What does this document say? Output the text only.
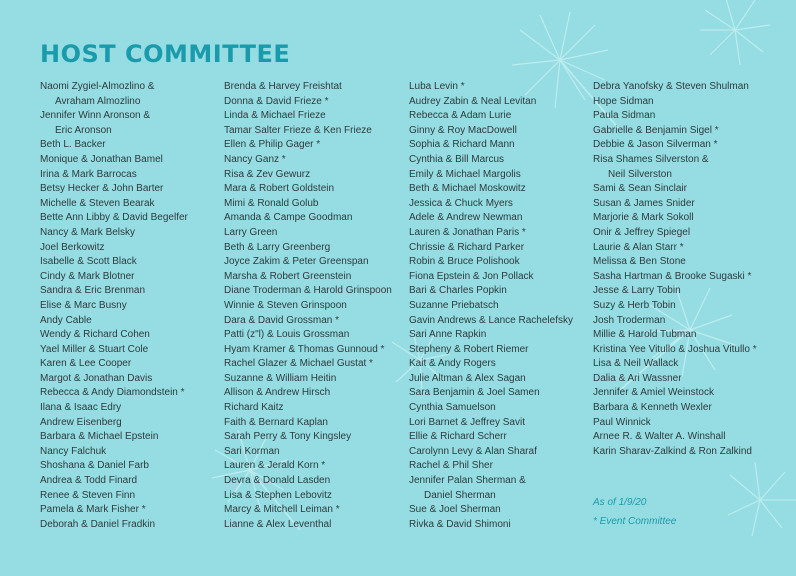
HOST COMMITTEE
Naomi Zygiel-Almozlino &
Avraham Almozlino
Jennifer Winn Aronson &
Eric Aronson
Beth L. Backer
Monique & Jonathan Bamel
Irina & Mark Barrocas
Betsy Hecker & John Barter
Michelle & Steven Bearak
Bette Ann Libby & David Begelfer
Nancy & Mark Belsky
Joel Berkowitz
Isabelle & Scott Black
Cindy & Mark Blotner
Sandra & Eric Brenman
Elise & Marc Busny
Andy Cable
Wendy & Richard Cohen
Yael Miller & Stuart Cole
Karen & Lee Cooper
Margot & Jonathan Davis
Rebecca & Andy Diamondstein *
Ilana & Isaac Edry
Andrew Eisenberg
Barbara & Michael Epstein
Nancy Falchuk
Shoshana & Daniel Farb
Andrea & Todd Finard
Renee & Steven Finn
Pamela & Mark Fisher *
Deborah & Daniel Fradkin
Brenda & Harvey Freishtat
Donna & David Frieze *
Linda & Michael Frieze
Tamar Salter Frieze & Ken Frieze
Ellen & Philip Gager *
Nancy Ganz *
Risa & Zev Gewurz
Mara & Robert Goldstein
Mimi & Ronald Golub
Amanda & Campe Goodman
Larry Green
Beth & Larry Greenberg
Joyce Zakim & Peter Greenspan
Marsha & Robert Greenstein
Diane Troderman & Harold Grinspoon
Winnie & Steven Grinspoon
Dara & David Grossman *
Patti (z"l) & Louis Grossman
Hyam Kramer & Thomas Gunnoud *
Rachel Glazer & Michael Gustat *
Suzanne & William Heitin
Allison & Andrew Hirsch
Richard Kaitz
Faith & Bernard Kaplan
Sarah Perry & Tony Kingsley
Sari Korman
Lauren & Jerald Korn *
Devra & Donald Lasden
Lisa & Stephen Lebovitz
Marcy & Mitchell Leiman *
Lianne & Alex Leventhal
Luba Levin *
Audrey Zabin & Neal Levitan
Rebecca & Adam Lurie
Ginny & Roy MacDowell
Sophia & Richard Mann
Cynthia & Bill Marcus
Emily & Michael Margolis
Beth & Michael Moskowitz
Jessica & Chuck Myers
Adele & Andrew Newman
Lauren & Jonathan Paris *
Chrissie & Richard Parker
Robin & Bruce Polishook
Fiona Epstein & Jon Pollack
Bari & Charles Popkin
Suzanne Priebatsch
Gavin Andrews & Lance Rachelefsky
Sari Anne Rapkin
Stepheny & Robert Riemer
Kait & Andy Rogers
Julie Altman & Alex Sagan
Sara Benjamin & Joel Samen
Cynthia Samuelson
Lori Barnet & Jeffrey Savit
Ellie & Richard Scherr
Carolynn Levy & Alan Sharaf
Rachel & Phil Sher
Jennifer Palan Sherman &
Daniel Sherman
Sue & Joel Sherman
Rivka & David Shimoni
Debra Yanofsky & Steven Shulman
Hope Sidman
Paula Sidman
Gabrielle & Benjamin Sigel *
Debbie & Jason Silverman *
Risa Shames Silverston &
Neil Silverston
Sami & Sean Sinclair
Susan & James Snider
Marjorie & Mark Sokoll
Onir & Jeffrey Spiegel
Laurie & Alan Starr *
Melissa & Ben Stone
Sasha Hartman & Brooke Sugaski *
Jesse & Larry Tobin
Suzy & Herb Tobin
Josh Troderman
Millie & Harold Tubman
Kristina Yee Vitullo & Joshua Vitullo *
Lisa & Neil Wallack
Dalia & Ari Wassner
Jennifer & Amiel Weinstock
Barbara & Kenneth Wexler
Paul Winnick
Arnee R. & Walter A. Winshall
Karin Sharav-Zalkind & Ron Zalkind
As of 1/9/20
* Event Committee
